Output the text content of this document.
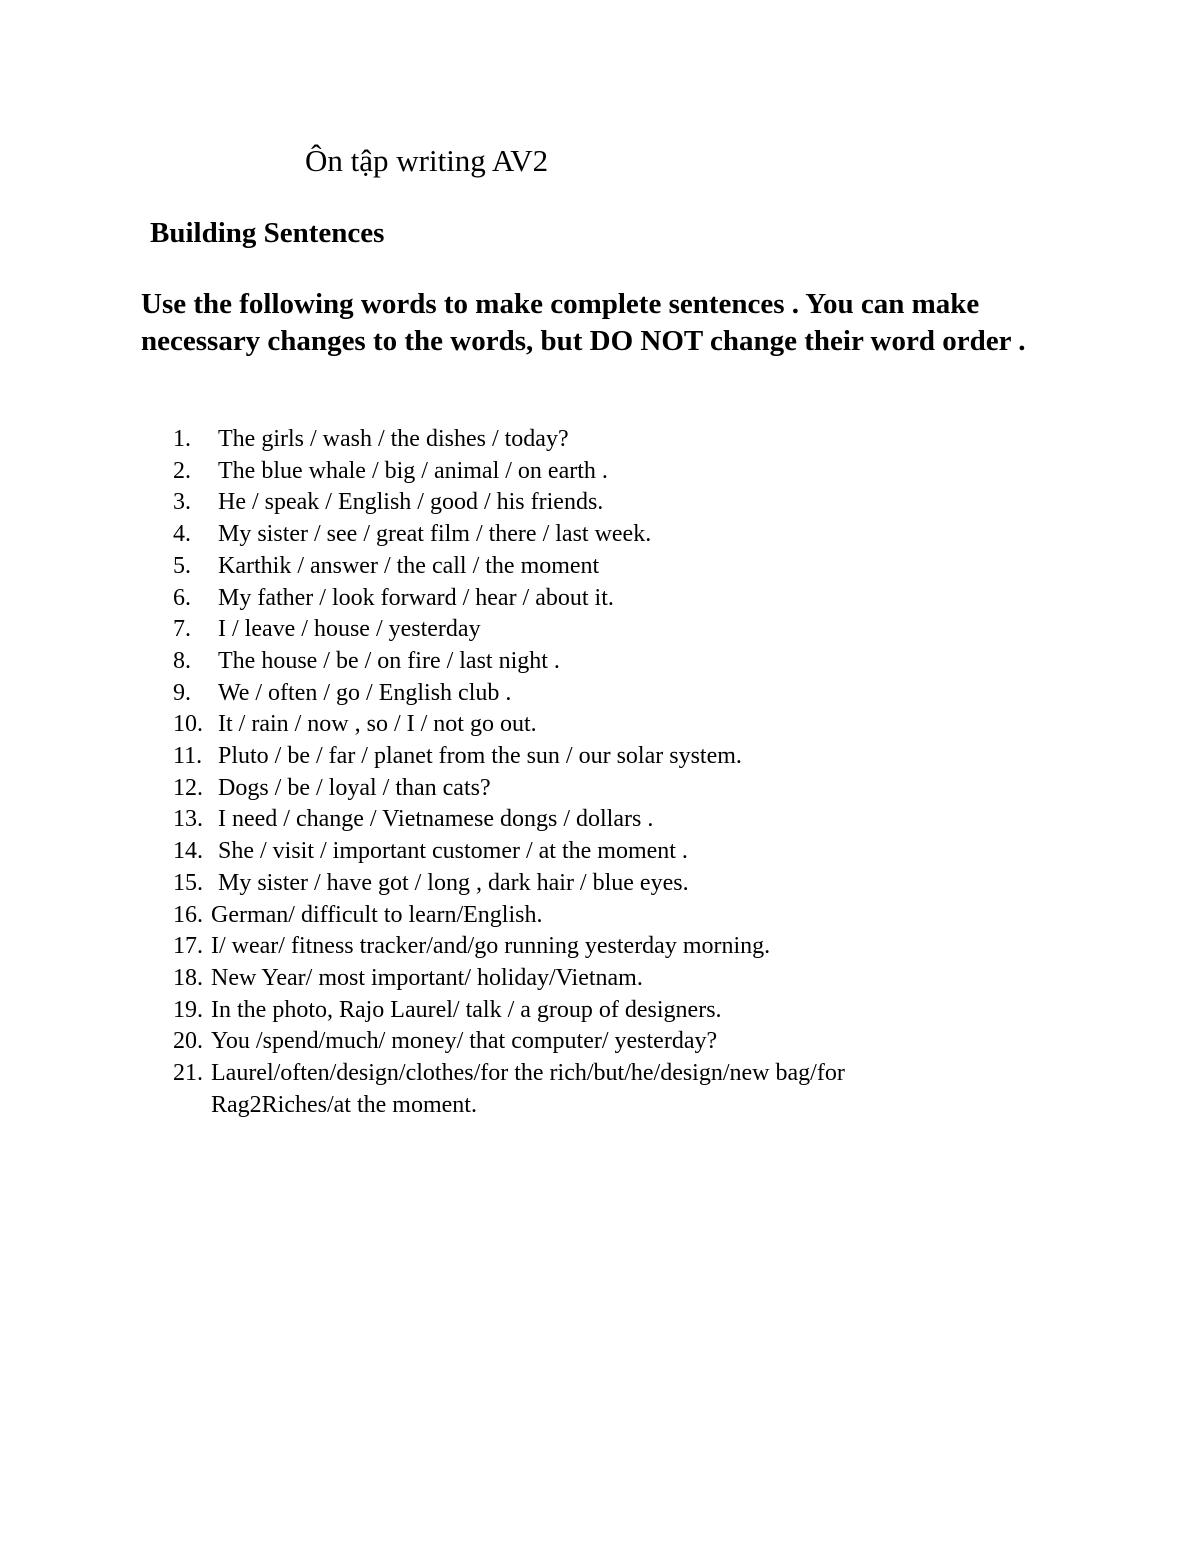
Ôn tập writing AV2
Building Sentences

Use the following words to make complete sentences . You can make necessary changes to the words, but DO NOT change their word order .

1.	The girls / wash / the dishes / today?
2.	The blue whale / big / animal / on earth .
3.	He / speak / English / good / his friends.
4.	My sister / see / great film / there / last week.
5.	Karthik / answer / the call / the moment
6.	My father / look forward / hear / about it.
7.	I / leave / house / yesterday
8.	The house / be / on fire / last night .
9.	We / often / go / English club .
10. It / rain / now , so / I / not go out.
11. Pluto / be / far / planet from the sun / our solar system.
12. Dogs / be / loyal / than cats?
13. I need / change / Vietnamese dongs / dollars .
14. She / visit / important customer / at the moment .
15. My sister / have got / long , dark hair / blue eyes.
16. German/ difficult to learn/English.
17. I/ wear/ fitness tracker/and/go running yesterday morning.
18. New Year/ most important/ holiday/Vietnam.
19. In the photo, Rajo Laurel/ talk / a group of designers.
20. You /spend/much/ money/ that computer/ yesterday?
21. Laurel/often/design/clothes/for the rich/but/he/design/new bag/for Rag2Riches/at the moment.
